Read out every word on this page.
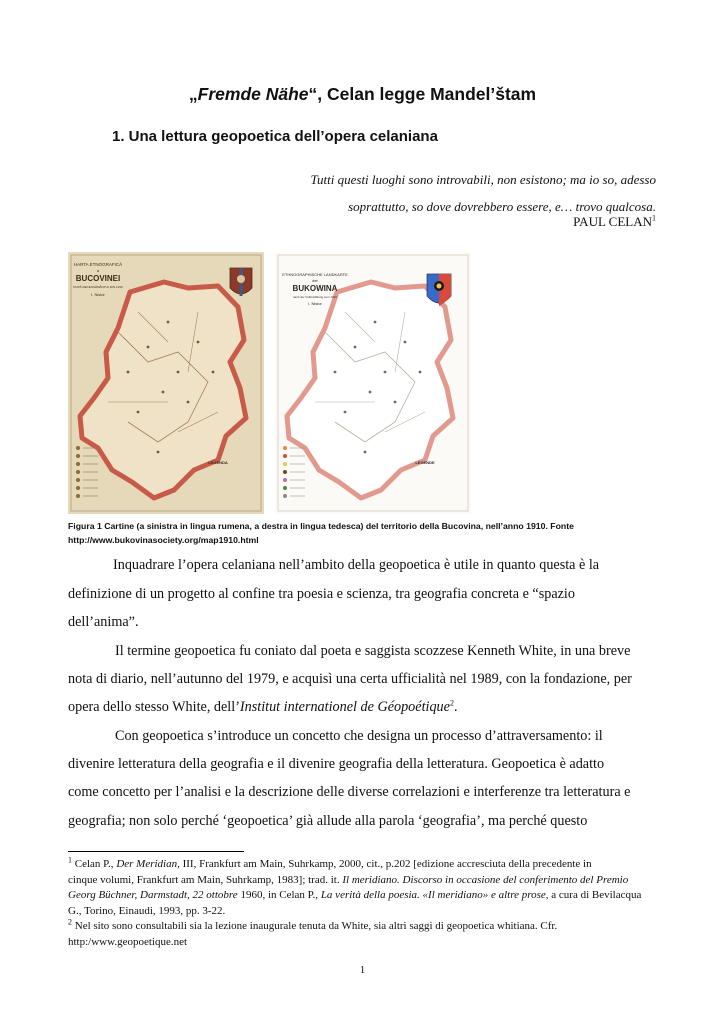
„Fremde Nähe“, Celan legge Mandel’štam
1. Una lettura geopoetica dell’opera celaniana
Tutti questi luoghi sono introvabili, non esistono; ma io so, adesso
soprattutto, so dove dovrebbero essere, e… trovo qualcosa.
PAUL CELAN$^1$
HARTA ETNOGRAFICĂ
a
BUCOVINEI
DUPĂ RECENSĂMÂNTUL DIN 1910
I. Nistor
LEGENDA
ETHNOGRAPHISCHE LANDKARTE
der
BUKOWINA
nach der Volkszählung vom 1910
I. Nistor
LEGENDE
Figura 1 Cartine (a sinistra in lingua rumena, a destra in lingua tedesca) del territorio della Bucovina, nell’anno 1910. Fonte
http://www.bukovinasociety.org/map1910.html
Inquadrare l’opera celaniana nell’ambito della geopoetica è utile in quanto questa è la
definizione di un progetto al confine tra poesia e scienza, tra geografia concreta e “spazio
dell’anima”.
Il termine geopoetica fu coniato dal poeta e saggista scozzese Kenneth White, in una breve
nota di diario, nell’autunno del 1979, e acquisì una certa ufficialità nel 1989, con la fondazione, per
opera dello stesso White, dell’Institut internationel de Géopoétique$^2$.
Con geopoetica s’introduce un concetto che designa un processo d’attraversamento: il
divenire letteratura della geografia e il divenire geografia della letteratura. Geopoetica è adatto
come concetto per l’analisi e la descrizione delle diverse correlazioni e interferenze tra letteratura e
geografia; non solo perché ‘geopoetica’ già allude alla parola ‘geografia’, ma perché questo
$^1$ Celan P., Der Meridian, III, Frankfurt am Main, Suhrkamp, 2000, cit., p.202 [edizione accresciuta della precedente in
cinque volumi, Frankfurt am Main, Suhrkamp, 1983]; trad. it. Il meridiano. Discorso in occasione del conferimento del Premio
Georg Büchner, Darmstadt, 22 ottobre 1960, in Celan P., La verità della poesia. «Il meridiano» e altre prose, a cura di Bevilacqua
G., Torino, Einaudi, 1993, pp. 3-22.
$^2$ Nel sito sono consultabili sia la lezione inaugurale tenuta da White, sia altri saggi di geopoetica whitiana. Cfr.
http:/www.geopoetique.net
1
